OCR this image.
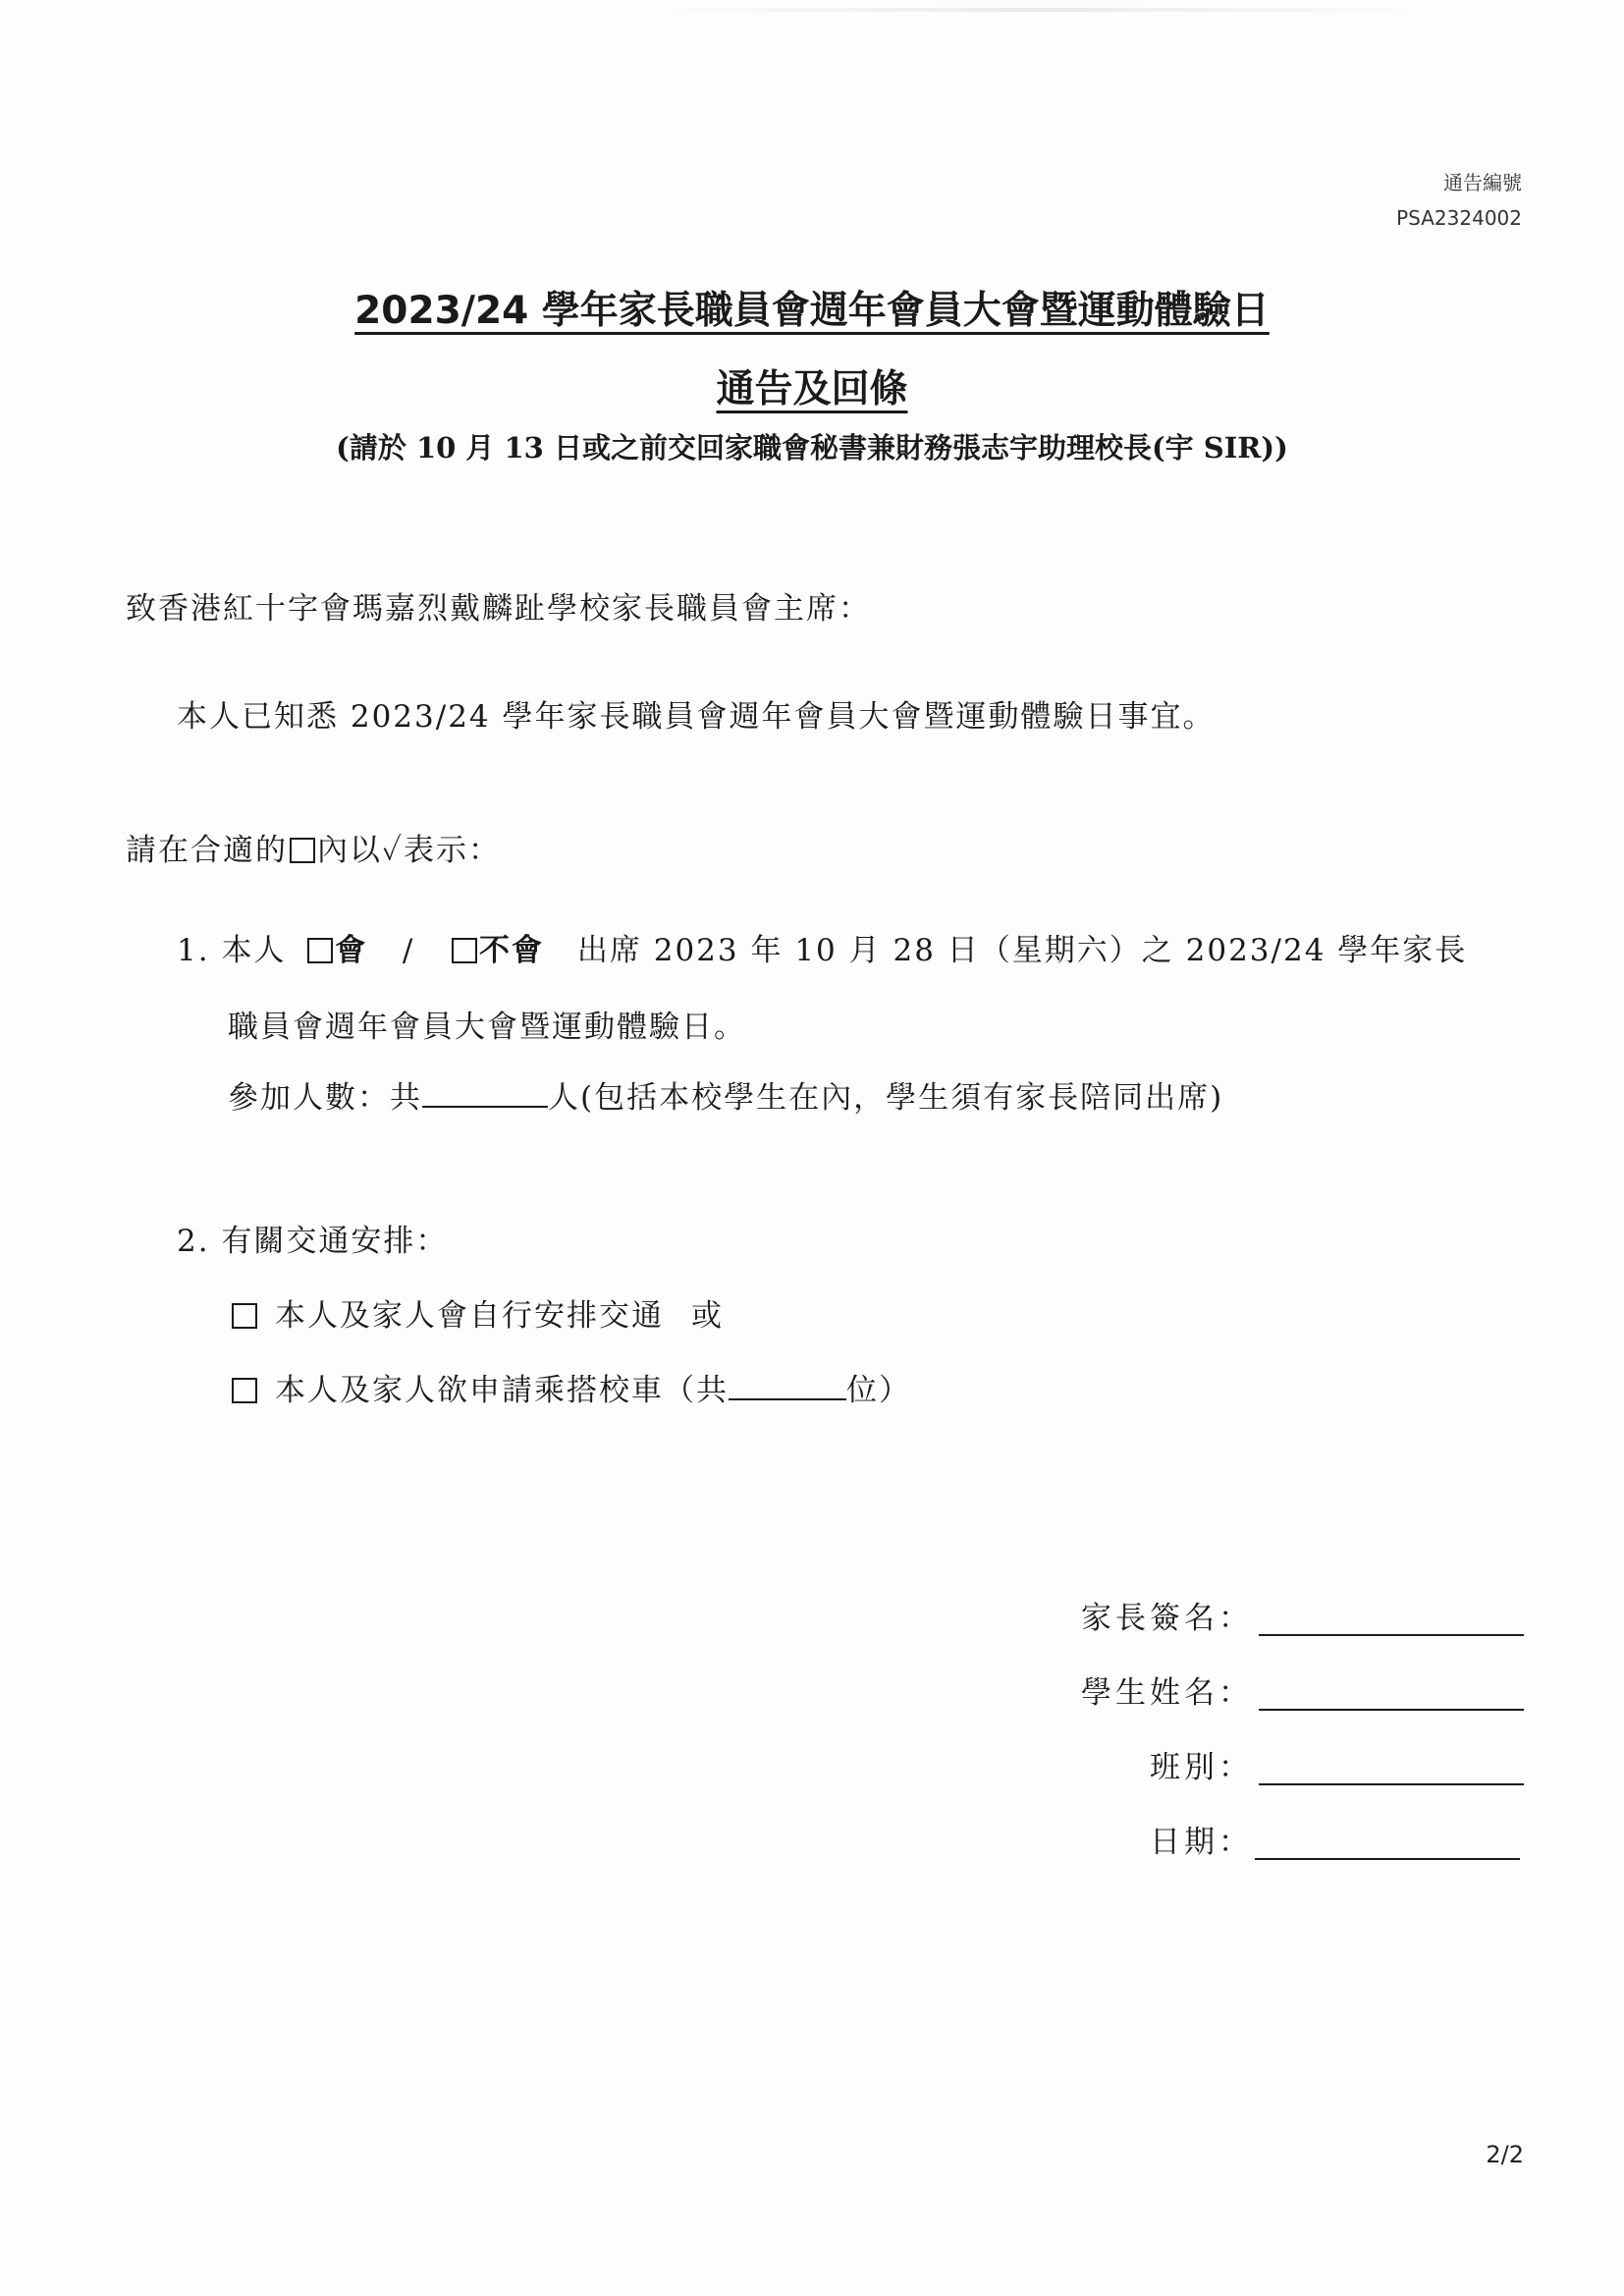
通告編號
PSA2324002
2023/24 學年家長職員會週年會員大會暨運動體驗日
通告及回條
(請於 10 月 13 日或之前交回家職會秘書兼財務張志宇助理校長(宇 SIR))
致香港紅十字會瑪嘉烈戴麟趾學校家長職員會主席：
本人已知悉 2023/24 學年家長職員會週年會員大會暨運動體驗日事宜。
請在合適的 內以✓表示：
1. 本人 會 / 不會 出席 2023 年 10 月 28 日（星期六）之 2023/24 學年家長
職員會週年會員大會暨運動體驗日。
參加人數：共	人(包括本校學生在內，學生須有家長陪同出席)
2. 有關交通安排：
本人及家人會自行安排交通 或
本人及家人欲申請乘搭校車（共	位）
家長簽名：
學生姓名：
班別：
日期：
2/2
